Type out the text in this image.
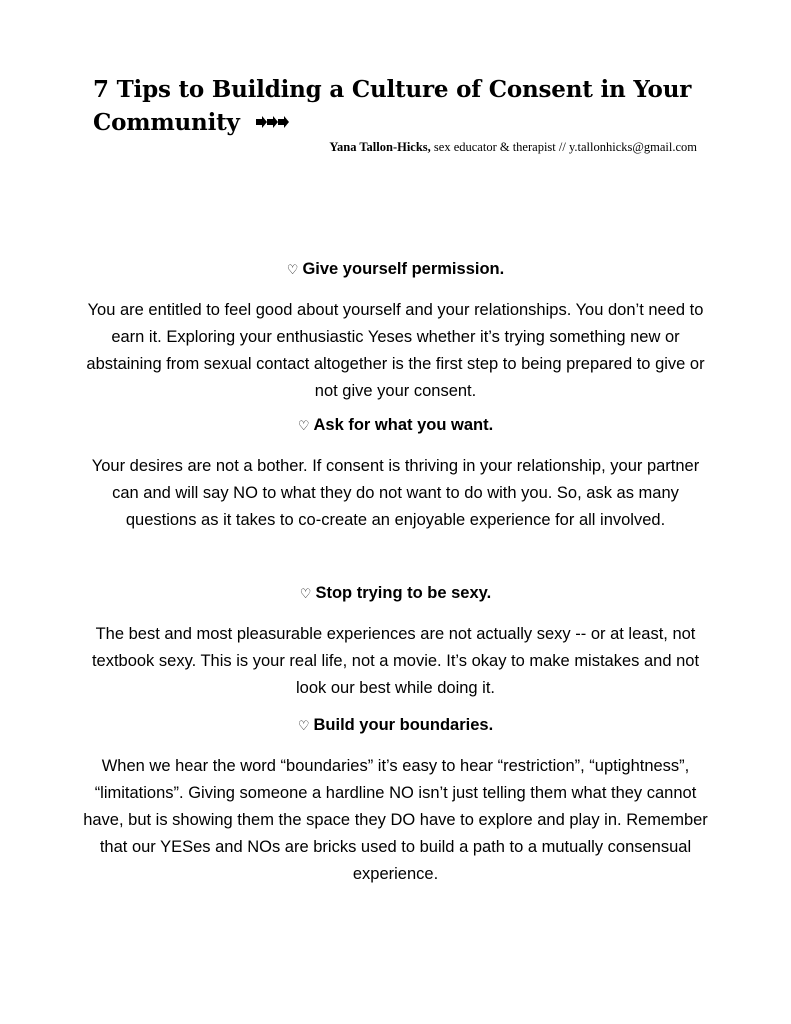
7 Tips to Building a Culture of Consent in Your Community
Yana Tallon-Hicks, sex educator & therapist // y.tallonhicks@gmail.com
♡ Give yourself permission.

You are entitled to feel good about yourself and your relationships. You don’t need to earn it. Exploring your enthusiastic Yeses whether it’s trying something new or abstaining from sexual contact altogether is the first step to being prepared to give or not give your consent.

♡ Ask for what you want.

Your desires are not a bother. If consent is thriving in your relationship, your partner can and will say NO to what they do not want to do with you. So, ask as many questions as it takes to co-create an enjoyable experience for all involved.

♡ Stop trying to be sexy.

The best and most pleasurable experiences are not actually sexy -- or at least, not textbook sexy. This is your real life, not a movie. It’s okay to make mistakes and not look our best while doing it.

♡ Build your boundaries.

When we hear the word “boundaries” it’s easy to hear “restriction”, “uptightness”, “limitations”. Giving someone a hardline NO isn’t just telling them what they cannot have, but is showing them the space they DO have to explore and play in. Remember that our YESes and NOs are bricks used to build a path to a mutually consensual experience.
